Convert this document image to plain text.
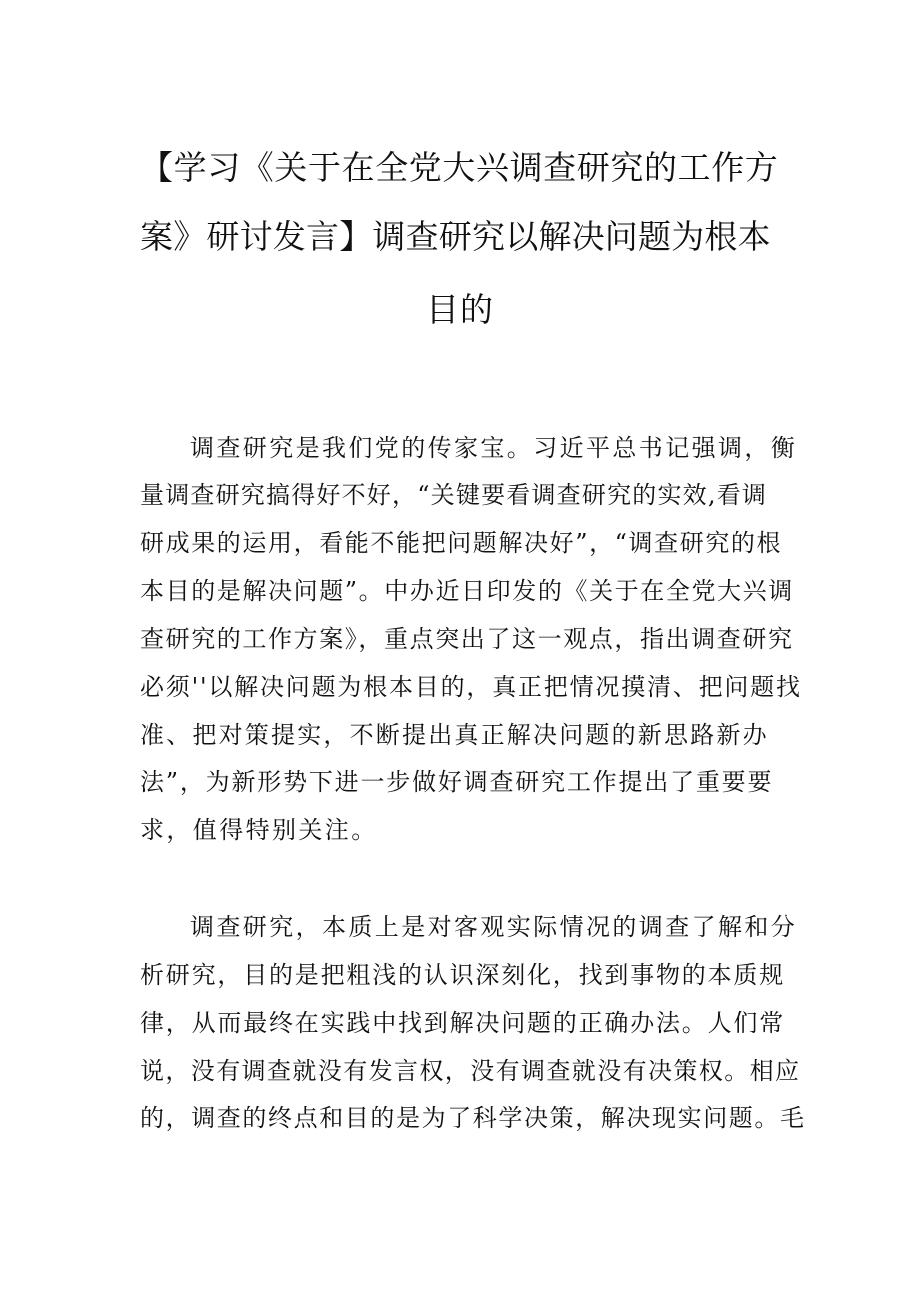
【学习《关于在全党大兴调查研究的工作方
案》研讨发言】调查研究以解决问题为根本
目的
调查研究是我们党的传家宝。习近平总书记强调，衡
量调查研究搞得好不好，“关键要看调查研究的实效,看调
研成果的运用，看能不能把问题解决好”，“调查研究的根
本目的是解决问题”。中办近日印发的《关于在全党大兴调
查研究的工作方案》，重点突出了这一观点，指出调查研究
必须''以解决问题为根本目的，真正把情况摸清、把问题找
准、把对策提实，不断提出真正解决问题的新思路新办
法”，为新形势下进一步做好调查研究工作提出了重要要
求，值得特别关注。
调查研究，本质上是对客观实际情况的调查了解和分
析研究，目的是把粗浅的认识深刻化，找到事物的本质规
律，从而最终在实践中找到解决问题的正确办法。人们常
说，没有调查就没有发言权，没有调查就没有决策权。相应
的，调查的终点和目的是为了科学决策，解决现实问题。毛
